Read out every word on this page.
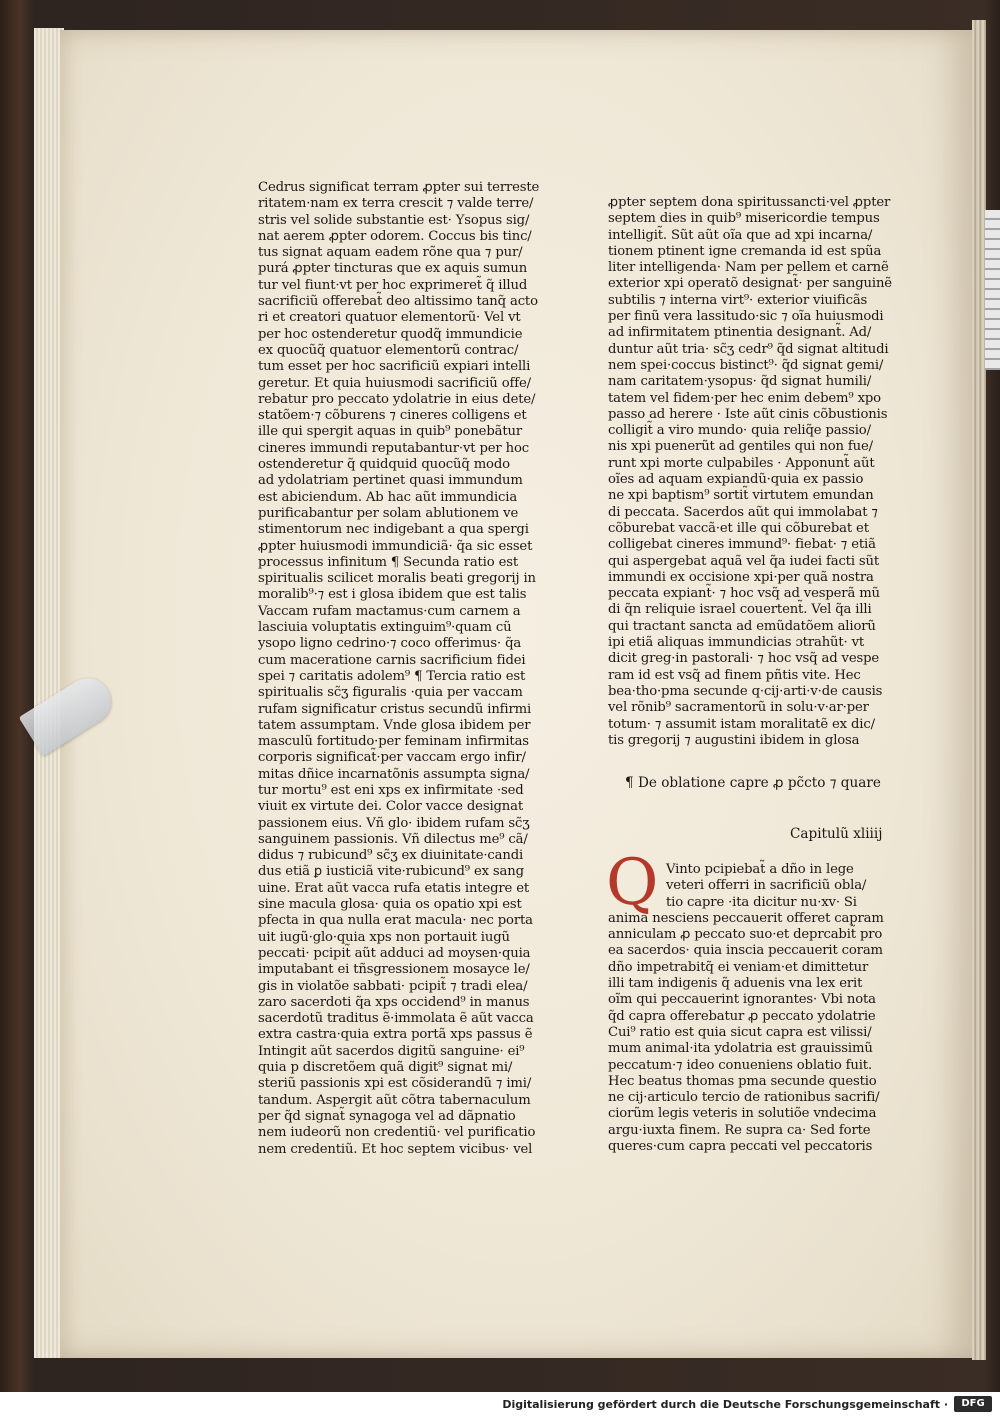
Cedrus significat terram ꝓpter sui terreste
ritatem·nam ex terra crescit ⁊ valde terre/
stris vel solide substantie est· Ysopus sig/
nat aerem ꝓpter odorem. Coccus bis tinc/
tus signat aquam eadem rõne qua ⁊ pur/
purá ꝓpter tincturas que ex aquis sumun
tur vel fiunt·vt per hoc exprimeret̃ q̃ illud
sacrificiũ offerebat̃ deo altissimo tanq̃ acto
ri et creatori quatuor elementorũ· Vel vt
per hoc ostenderetur quodq̃ immundicie
ex quocũq̃ quatuor elementorũ contrac/
tum esset per hoc sacrificiũ expiari intelli
geretur. Et quia huiusmodi sacrificiũ offe/
rebatur pro peccato ydolatrie in eius dete/
statõem·⁊ cõburens ⁊ cineres colligens et
ille qui spergit aquas in quib⁹ ponebãtur
cineres immundi reputabantur·vt per hoc
ostenderetur q̃ quidquid quocũq̃ modo
ad ydolatriam pertinet quasi immundum
est abiciendum. Ab hac aũt immundicia
purificabantur per solam ablutionem ve
stimentorum nec indigebant a qua spergi
ꝓpter huiusmodi immundiciã· q̃a sic esset
processus infinitum ¶ Secunda ratio est
spiritualis scilicet moralis beati gregorij in
moralib⁹·⁊ est i glosa ibidem que est talis
Vaccam rufam mactamus·cum carnem a
lasciuia voluptatis extinguim⁹·quam cũ
ysopo ligno cedrino·⁊ coco offerimus· q̃a
cum maceratione carnis sacrificium fidei
spei ⁊ caritatis adolem⁹ ¶ Tercia ratio est
spiritualis sc̃ʒ figuralis ·quia per vaccam
rufam significatur cristus secundũ infirmi
tatem assumptam. Vnde glosa ibidem per
masculũ fortitudo·per feminam infirmitas
corporis significat̃·per vaccam ergo infir/
mitas dñice incarnatõnis assumpta signa/
tur mortu⁹ est eni xps ex infirmitate ·sed
viuit ex virtute dei. Color vacce designat
passionem eius. Vñ glo· ibidem rufam sc̃ʒ
sanguinem passionis. Vñ dilectus me⁹ cã/
didus ⁊ rubicund⁹ sc̃ʒ ex diuinitate·candi
dus etiã ꝑ iusticiã vite·rubicund⁹ ex sang
uine. Erat aũt vacca rufa etatis integre et
sine macula glosa· quia os opatio xpi est
pfecta in qua nulla erat macula· nec porta
uit iugũ·glo·quia xps non portauit iugũ
peccati· pcipit̃ aũt adduci ad moysen·quia
imputabant ei tñsgressionem mosayce le/
gis in violatõe sabbati· pcipit̃ ⁊ tradi elea/
zaro sacerdoti q̃a xps occidend⁹ in manus
sacerdotũ traditus ẽ·immolata ẽ aũt vacca
extra castra·quia extra portã xps passus ẽ
Intingit aũt sacerdos digitũ sanguine· ei⁹
quia p discretõem quã digit⁹ signat mi/
steriũ passionis xpi est cõsiderandũ ⁊ imi/
tandum. Aspergit aũt cõtra tabernaculum
per q̃d signat̃ synagoga vel ad dãpnatio
nem iudeorũ non credentiũ· vel purificatio
nem credentiũ. Et hoc septem vicibus· vel
ꝓpter septem dona spiritussancti·vel ꝓpter
septem dies in quib⁹ misericordie tempus
intelligit̃. Sũt aũt oĩa que ad xpi incarna/
tionem ptinent igne cremanda id est spũa
liter intelligenda· Nam per pellem et carnẽ
exterior xpi operatõ designat̃· per sanguinẽ
subtilis ⁊ interna virt⁹· exterior viuificãs
per finũ vera lassitudo·sic ⁊ oĩa huiusmodi
ad infirmitatem ptinentia designant̃. Ad/
duntur aũt tria· sc̃ʒ cedr⁹ q̃d signat altitudi
nem spei·coccus bistinct⁹· q̃d signat gemi/
nam caritatem·ysopus· q̃d signat humili/
tatem vel fidem·per hec enim debem⁹ xpo
passo ad herere · Iste aũt cinis cõbustionis
colligit̃ a viro mundo· quia reliq̃e passio/
nis xpi puenerũt ad gentiles qui non fue/
runt xpi morte culpabiles · Apponunt̃ aũt
oĩes ad aquam expiandũ·quia ex passio
ne xpi baptism⁹ sortit̃ virtutem emundan
di peccata. Sacerdos aũt qui immolabat ⁊
cõburebat vaccã·et ille qui cõburebat et
colligebat cineres immund⁹· fiebat· ⁊ etiã
qui aspergebat aquã vel q̃a iudei facti sũt
immundi ex occisione xpi·per quã nostra
peccata expiant̃· ⁊ hoc vsq̃ ad vesperã mũ
di q̃n reliquie israel couertent̃. Vel q̃a illi
qui tractant sancta ad emũdatõem aliorũ
ipi etiã aliquas immundicias ɔtrahũt· vt
dicit greg·in pastorali· ⁊ hoc vsq̃ ad vespe
ram id est vsq̃ ad finem pñtis vite. Hec
bea·tho·pma secunde q·cij·arti·v·de causis
vel rõnib⁹ sacramentorũ in solu·v·ar·per
totum· ⁊ assumit istam moralitatẽ ex dic/
tis gregorij ⁊ augustini ibidem in glosa
¶ De oblatione capre ꝓ pc̃cto ⁊ quare
Capitulũ xliiij
Q Vinto pcipiebat̃ a dño in lege
veteri offerri in sacrificiũ obla/
tio capre ·ita dicitur nu·xv· Si
anima nesciens peccauerit offeret capram
anniculam ꝓ peccato suo·et deprcabit̃ pro
ea sacerdos· quia inscia peccauerit coram
dño impetrabitq̃ ei veniam·et dimittetur
illi tam indigenis q̃ aduenis vna lex erit
oĩm qui peccauerint ignorantes· Vbi nota
q̃d capra offerebatur ꝓ peccato ydolatrie
Cui⁹ ratio est quia sicut capra est vilissi/
mum animal·ita ydolatria est grauissimũ
peccatum·⁊ ideo conueniens oblatio fuit.
Hec beatus thomas pma secunde questio
ne cij·articulo tercio de rationibus sacrifi/
ciorũm legis veteris in solutiõe vndecima
argu·iuxta finem. Re supra ca· Sed forte
queres·cum capra peccati vel peccatoris
Digitalisierung gefördert durch die Deutsche Forschungsgemeinschaft ·	DFG
